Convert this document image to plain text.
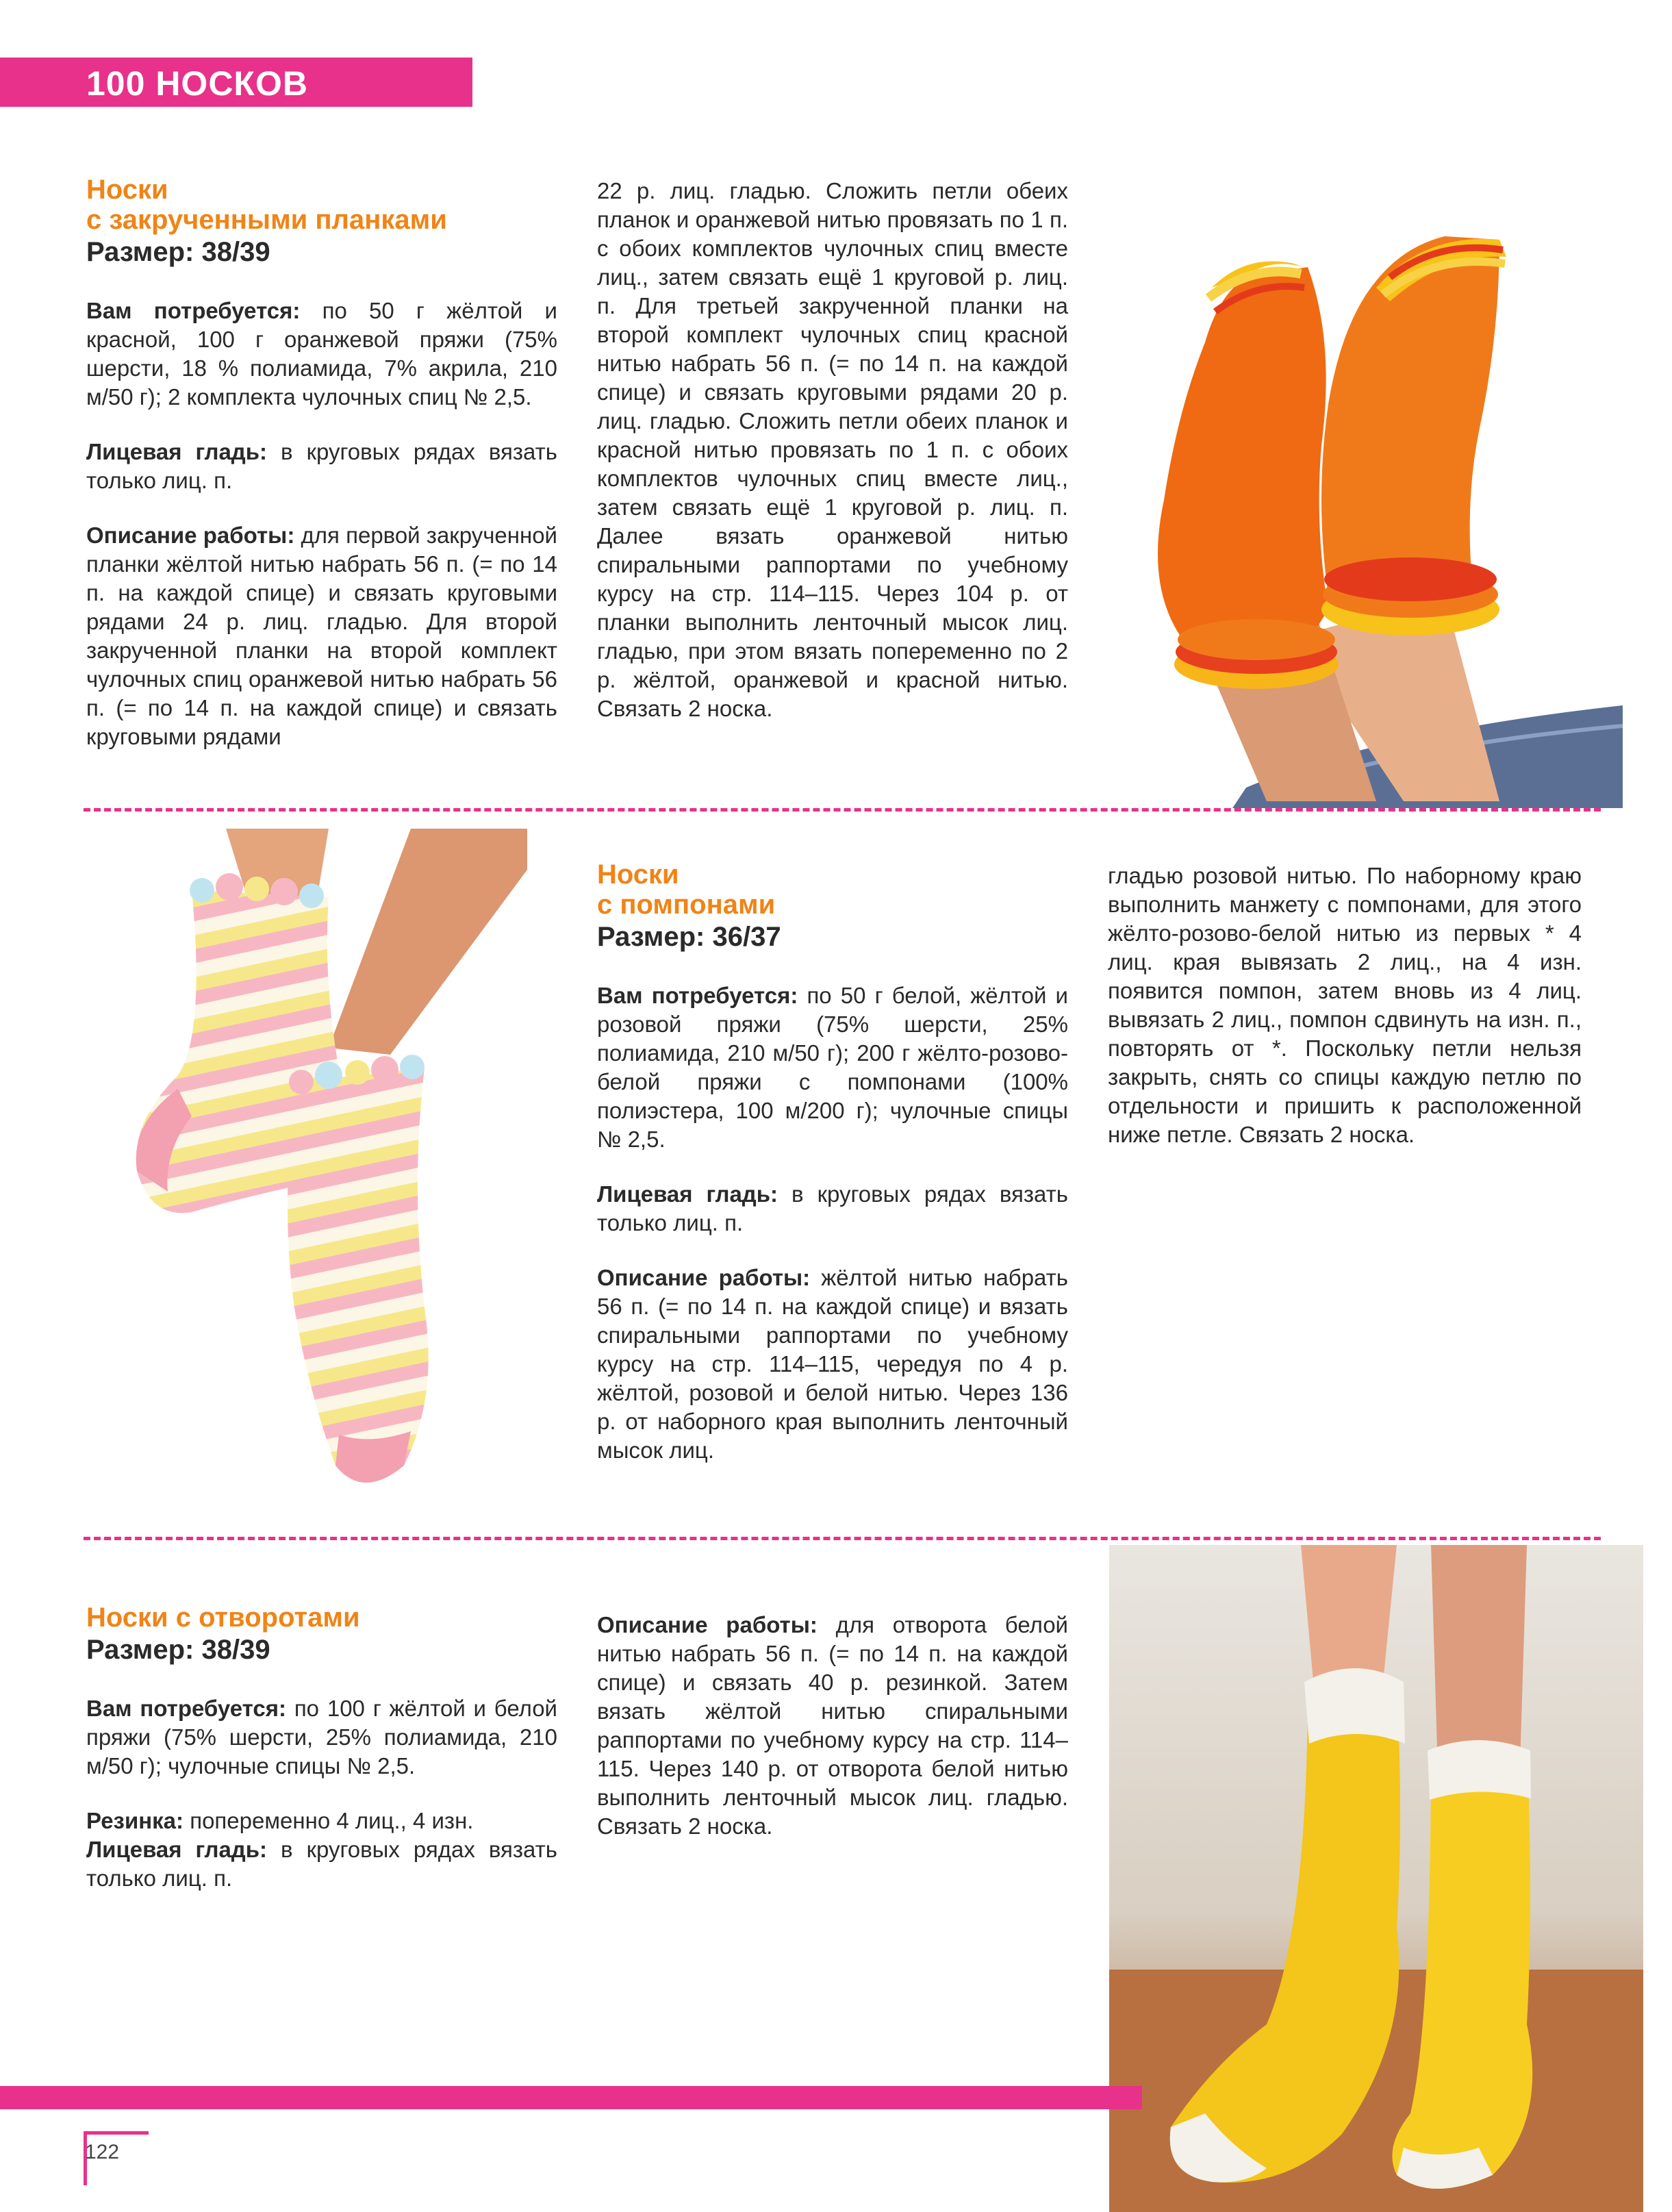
100 НОСКОВ
Носки
с закрученными планками
Размер: 38/39

Вам потребуется: по 50 г жёлтой и красной, 100 г оранжевой пряжи (75% шерсти, 18 % полиамида, 7% акрила, 210 м/50 г); 2 комплекта чулочных спиц № 2,5.

Лицевая гладь: в круговых рядах вязать только лиц. п.

Описание работы: для первой закрученной планки жёлтой нитью набрать 56 п. (= по 14 п. на каждой спице) и связать круговыми рядами 24 р. лиц. гладью. Для второй закрученной планки на второй комплект чулочных спиц оранжевой нитью набрать 56 п. (= по 14 п. на каждой спице) и связать круговыми рядами

22 р. лиц. гладью. Сложить петли обеих планок и оранжевой нитью провязать по 1 п. с обоих комплектов чулочных спиц вместе лиц., затем связать ещё 1 круговой р. лиц. п. Для третьей закрученной планки на второй комплект чулочных спиц красной нитью набрать 56 п. (= по 14 п. на каждой спице) и связать круговыми рядами 20 р. лиц. гладью. Сложить петли обеих планок и красной нитью провязать по 1 п. с обоих комплектов чулочных спиц вместе лиц., затем связать ещё 1 круговой р. лиц. п. Далее вязать оранжевой нитью спиральными раппортами по учебному курсу на стр. 114–115. Через 104 р. от планки выполнить ленточный мысок лиц. гладью, при этом вязать попеременно по 2 р. жёлтой, оранжевой и красной нитью. Связать 2 носка.

Носки
с помпонами
Размер: 36/37

Вам потребуется: по 50 г белой, жёлтой и розовой пряжи (75% шерсти, 25% полиамида, 210 м/50 г); 200 г жёлто-розово-белой пряжи с помпонами (100% полиэстера, 100 м/200 г); чулочные спицы № 2,5.

Лицевая гладь: в круговых рядах вязать только лиц. п.

Описание работы: жёлтой нитью набрать 56 п. (= по 14 п. на каждой спице) и вязать спиральными раппортами по учебному курсу на стр. 114–115, чередуя по 4 р. жёлтой, розовой и белой нитью. Через 136 р. от наборного края выполнить ленточный мысок лиц.

гладью розовой нитью. По наборному краю выполнить манжету с помпонами, для этого жёлто-розово-белой нитью из первых * 4 лиц. края вывязать 2 лиц., на 4 изн. появится помпон, затем вновь из 4 лиц. вывязать 2 лиц., помпон сдвинуть на изн. п., повторять от *. Поскольку петли нельзя закрыть, снять со спицы каждую петлю по отдельности и пришить к расположенной ниже петле. Связать 2 носка.

Носки с отворотами
Размер: 38/39

Вам потребуется: по 100 г жёлтой и белой пряжи (75% шерсти, 25% полиамида, 210 м/50 г); чулочные спицы № 2,5.

Резинка: попеременно 4 лиц., 4 изн.

Лицевая гладь: в круговых рядах вязать только лиц. п.

Описание работы: для отворота белой нитью набрать 56 п. (= по 14 п. на каждой спице) и связать 40 р. резинкой. Затем вязать жёлтой нитью спиральными раппортами по учебному курсу на стр. 114–115. Через 140 р. от отворота белой нитью выполнить ленточный мысок лиц. гладью. Связать 2 носка.

122
